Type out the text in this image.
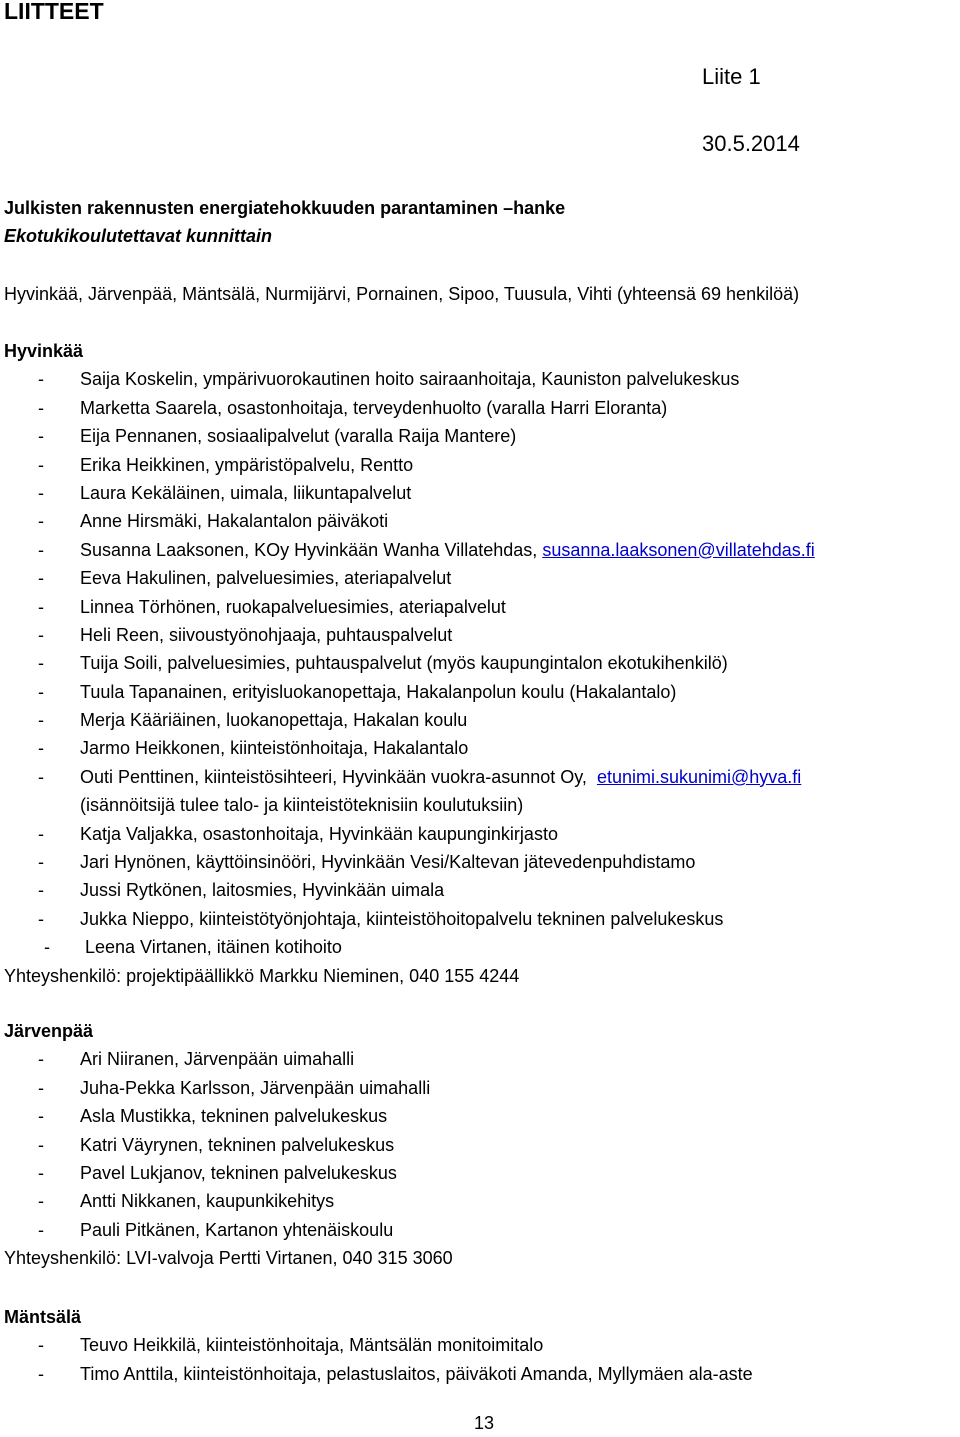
LIITTEET
Liite 1
30.5.2014
Julkisten rakennusten energiatehokkuuden parantaminen –hanke
Ekotukikoulutettavat kunnittain
Hyvinkää, Järvenpää, Mäntsälä, Nurmijärvi, Pornainen, Sipoo, Tuusula, Vihti (yhteensä 69 henkilöä)
Hyvinkää
- Saija Koskelin, ympärivuorokautinen hoito sairaanhoitaja, Kauniston palvelukeskus
- Marketta Saarela, osastonhoitaja, terveydenhuolto (varalla Harri Eloranta)
- Eija Pennanen, sosiaalipalvelut (varalla Raija Mantere)
- Erika Heikkinen, ympäristöpalvelu, Rentto
- Laura Kekäläinen, uimala, liikuntapalvelut
- Anne Hirsmäki, Hakalantalon päiväkoti
- Susanna Laaksonen, KOy Hyvinkään Wanha Villatehdas, susanna.laaksonen@villatehdas.fi
- Eeva Hakulinen, palveluesimies, ateriapalvelut
- Linnea Törhönen, ruokapalveluesimies, ateriapalvelut
- Heli Reen, siivoustyönohjaaja, puhtauspalvelut
- Tuija Soili, palveluesimies, puhtauspalvelut (myös kaupungintalon ekotukihenkilö)
- Tuula Tapanainen, erityisluokanopettaja, Hakalanpolun koulu (Hakalantalo)
- Merja Kääriäinen, luokanopettaja, Hakalan koulu
- Jarmo Heikkonen, kiinteistönhoitaja, Hakalantalo
- Outi Penttinen, kiinteistösihteeri, Hyvinkään vuokra-asunnot Oy, etunimi.sukunimi@hyva.fi
(isännöitsijä tulee talo- ja kiinteistöteknisiin koulutuksiin)
- Katja Valjakka, osastonhoitaja, Hyvinkään kaupunginkirjasto
- Jari Hynönen, käyttöinsinööri, Hyvinkään Vesi/Kaltevan jätevedenpuhdistamo
- Jussi Rytkönen, laitosmies, Hyvinkään uimala
- Jukka Nieppo, kiinteistötyönjohtaja, kiinteistöhoitopalvelu tekninen palvelukeskus
- Leena Virtanen, itäinen kotihoito
Yhteyshenkilö: projektipäällikkö Markku Nieminen, 040 155 4244
Järvenpää
- Ari Niiranen, Järvenpään uimahalli
- Juha-Pekka Karlsson, Järvenpään uimahalli
- Asla Mustikka, tekninen palvelukeskus
- Katri Väyrynen, tekninen palvelukeskus
- Pavel Lukjanov, tekninen palvelukeskus
- Antti Nikkanen, kaupunkikehitys
- Pauli Pitkänen, Kartanon yhtenäiskoulu
Yhteyshenkilö: LVI-valvoja Pertti Virtanen, 040 315 3060
Mäntsälä
- Teuvo Heikkilä, kiinteistönhoitaja, Mäntsälän monitoimitalo
- Timo Anttila, kiinteistönhoitaja, pelastuslaitos, päiväkoti Amanda, Myllymäen ala-aste
13
